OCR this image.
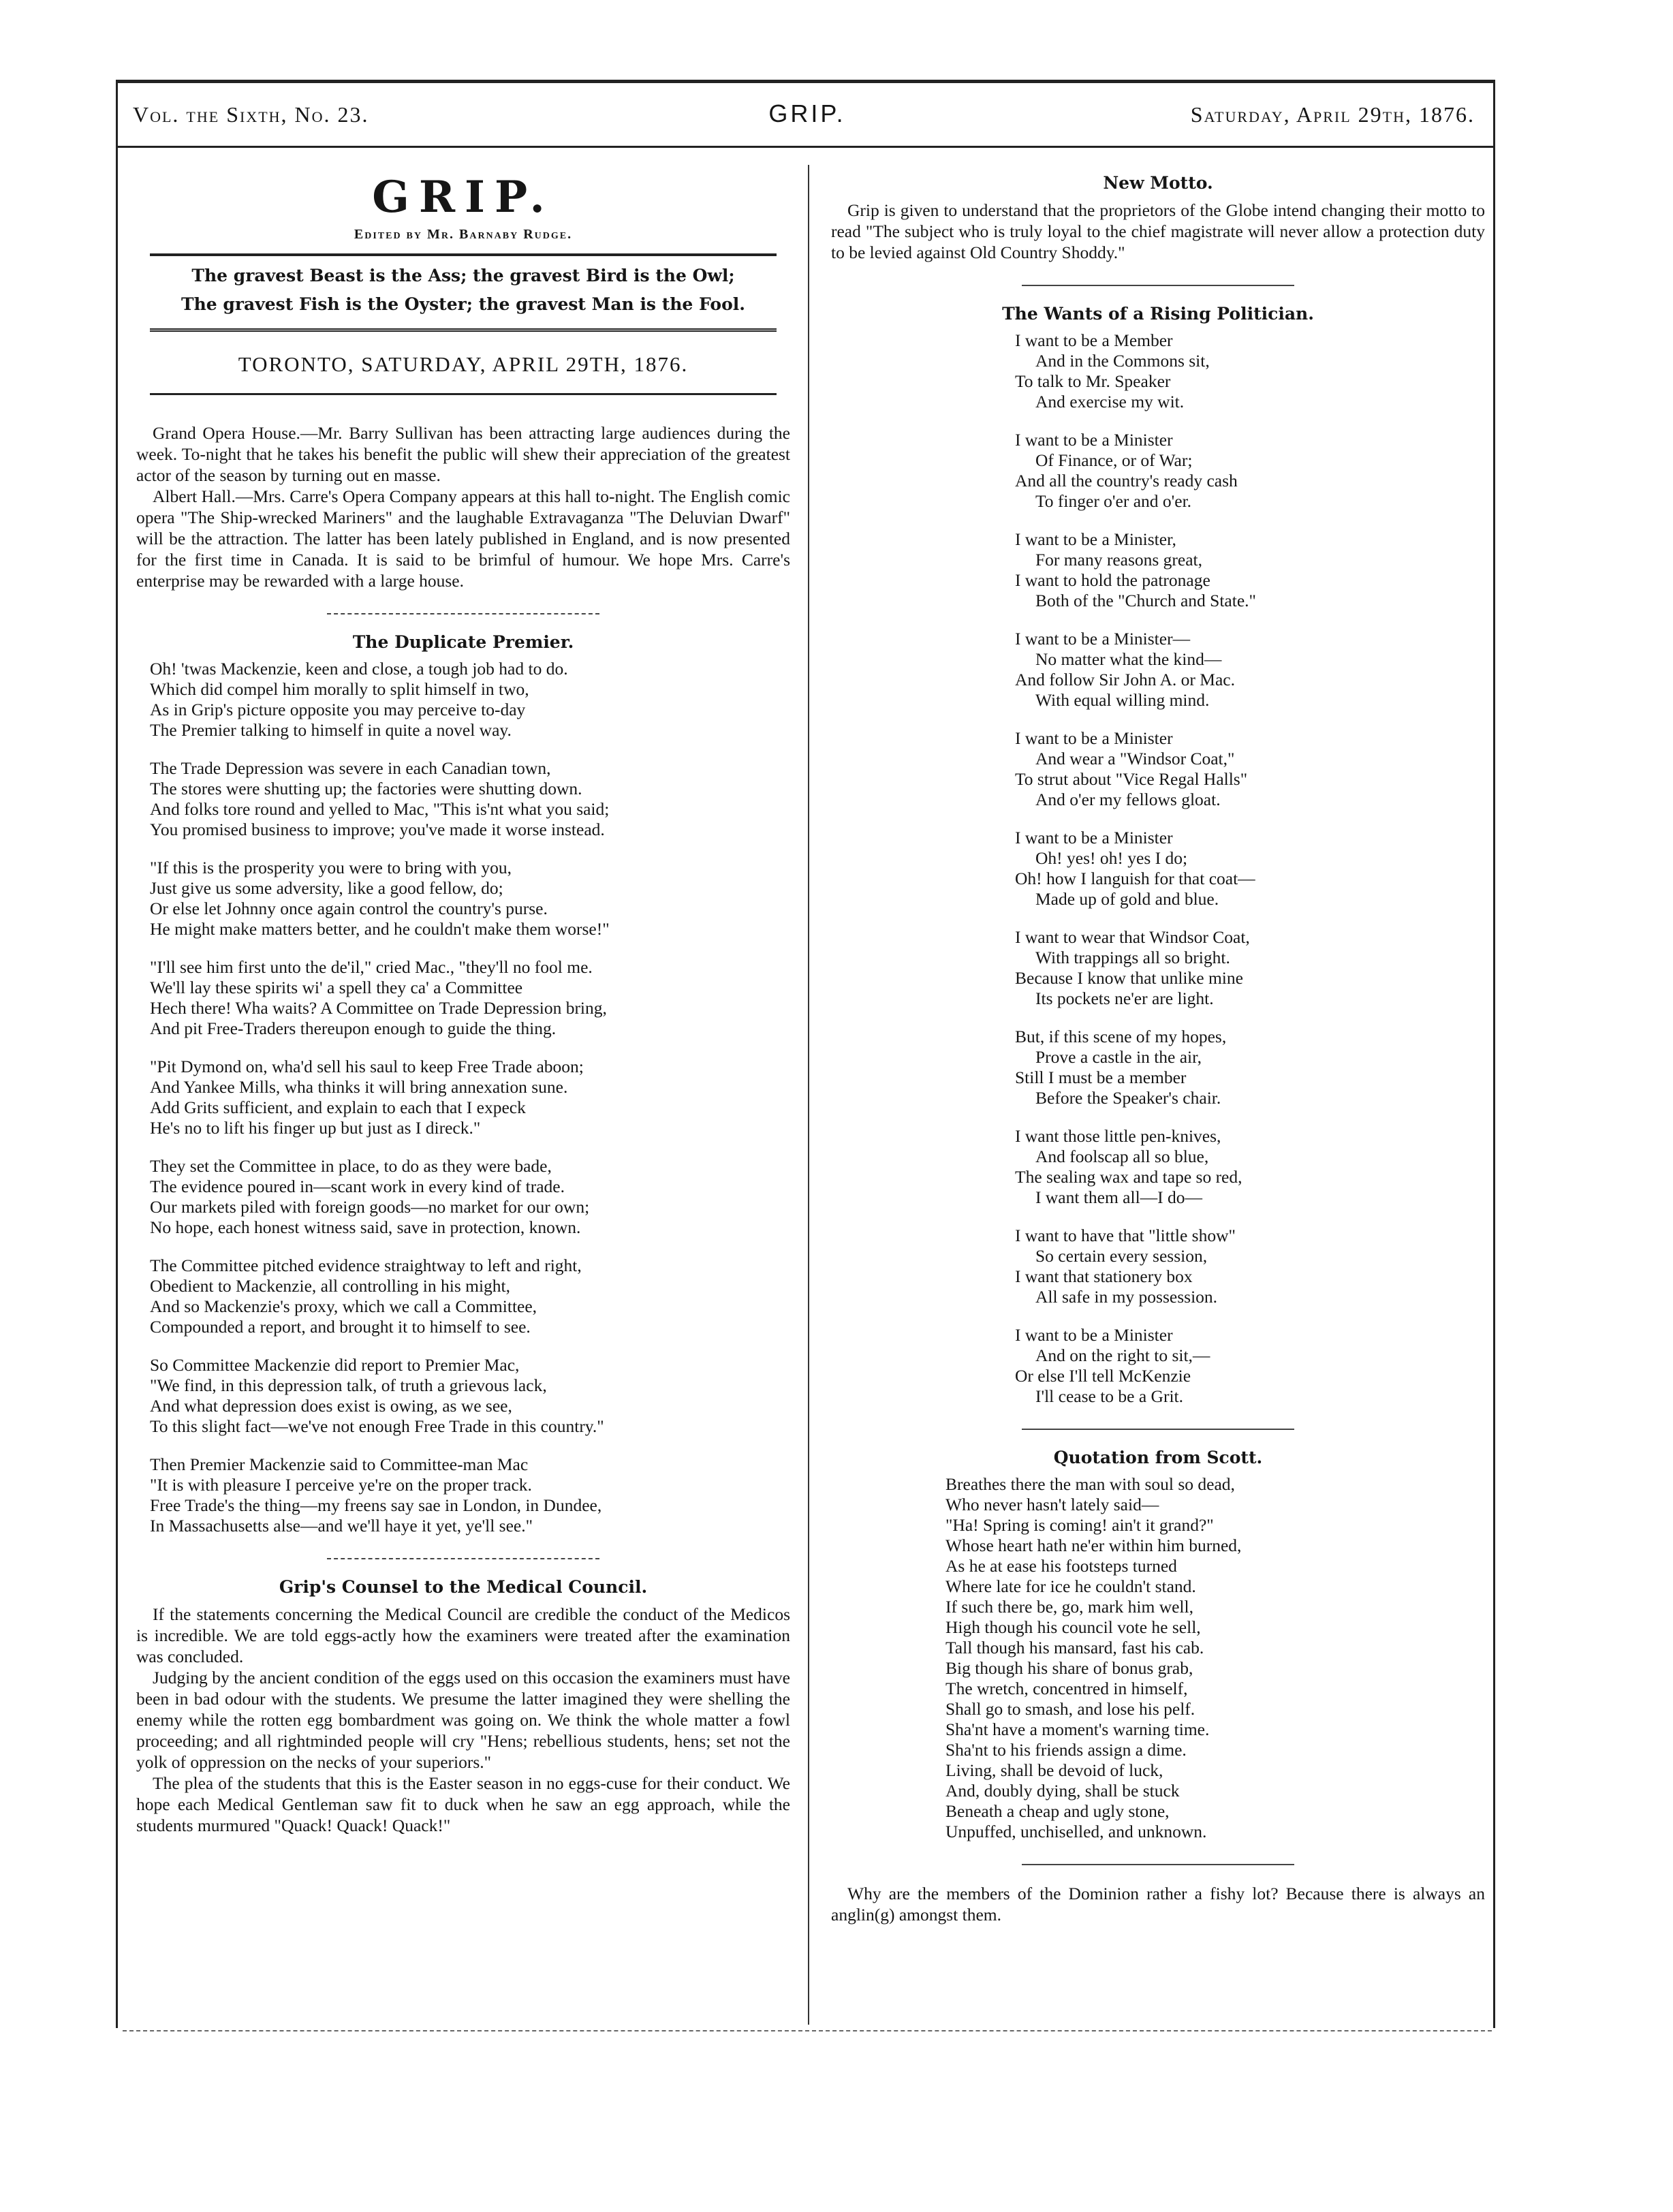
Vol. the Sixth, No. 23.	GRIP.	Saturday, April 29th, 1876.
GRIP.
Edited by Mr. Barnaby Rudge.
The gravest Beast is the Ass; the gravest Bird is the Owl;
The gravest Fish is the Oyster; the gravest Man is the Fool.
TORONTO, SATURDAY, APRIL 29TH, 1876.

Grand Opera House.—Mr. Barry Sullivan has been attracting large audiences during the week. To-night that he takes his benefit the public will shew their appreciation of the greatest actor of the season by turning out en masse.

Albert Hall.—Mrs. Carre's Opera Company appears at this hall to-night. The English comic opera "The Ship-wrecked Mariners" and the laughable Extravaganza "The Deluvian Dwarf" will be the attraction. The latter has been lately published in England, and is now presented for the first time in Canada. It is said to be brimful of humour. We hope Mrs. Carre's enterprise may be rewarded with a large house.

The Duplicate Premier.
Oh! 'twas Mackenzie, keen and close, a tough job had to do.
Which did compel him morally to split himself in two,
As in Grip's picture opposite you may perceive to-day
The Premier talking to himself in quite a novel way.
The Trade Depression was severe in each Canadian town,
The stores were shutting up; the factories were shutting down.
And folks tore round and yelled to Mac, "This is'nt what you said;
You promised business to improve; you've made it worse instead.
"If this is the prosperity you were to bring with you,
Just give us some adversity, like a good fellow, do;
Or else let Johnny once again control the country's purse.
He might make matters better, and he couldn't make them worse!"
"I'll see him first unto the de'il," cried Mac., "they'll no fool me.
We'll lay these spirits wi' a spell they ca' a Committee
Hech there! Wha waits? A Committee on Trade Depression bring,
And pit Free-Traders thereupon enough to guide the thing.
"Pit Dymond on, wha'd sell his saul to keep Free Trade aboon;
And Yankee Mills, wha thinks it will bring annexation sune.
Add Grits sufficient, and explain to each that I expeck
He's no to lift his finger up but just as I direck."
They set the Committee in place, to do as they were bade,
The evidence poured in—scant work in every kind of trade.
Our markets piled with foreign goods—no market for our own;
No hope, each honest witness said, save in protection, known.
The Committee pitched evidence straightway to left and right,
Obedient to Mackenzie, all controlling in his might,
And so Mackenzie's proxy, which we call a Committee,
Compounded a report, and brought it to himself to see.
So Committee Mackenzie did report to Premier Mac,
"We find, in this depression talk, of truth a grievous lack,
And what depression does exist is owing, as we see,
To this slight fact—we've not enough Free Trade in this country."
Then Premier Mackenzie said to Committee-man Mac
"It is with pleasure I perceive ye're on the proper track.
Free Trade's the thing—my freens say sae in London, in Dundee,
In Massachusetts alse—and we'll haye it yet, ye'll see."
Grip's Counsel to the Medical Council.

If the statements concerning the Medical Council are credible the conduct of the Medicos is incredible. We are told eggs-actly how the examiners were treated after the examination was concluded.

Judging by the ancient condition of the eggs used on this occasion the examiners must have been in bad odour with the students. We presume the latter imagined they were shelling the enemy while the rotten egg bombardment was going on. We think the whole matter a fowl proceeding; and all rightminded people will cry "Hens; rebellious students, hens; set not the yolk of oppression on the necks of your superiors."

The plea of the students that this is the Easter season in no eggs-cuse for their conduct. We hope each Medical Gentleman saw fit to duck when he saw an egg approach, while the students murmured "Quack! Quack! Quack!"

New Motto.

Grip is given to understand that the proprietors of the Globe intend changing their motto to read "The subject who is truly loyal to the chief magistrate will never allow a protection duty to be levied against Old Country Shoddy."

The Wants of a Rising Politician.
I want to be a Member
And in the Commons sit,
To talk to Mr. Speaker
And exercise my wit.
I want to be a Minister
Of Finance, or of War;
And all the country's ready cash
To finger o'er and o'er.
I want to be a Minister,
For many reasons great,
I want to hold the patronage
Both of the "Church and State."
I want to be a Minister—
No matter what the kind—
And follow Sir John A. or Mac.
With equal willing mind.
I want to be a Minister
And wear a "Windsor Coat,"
To strut about "Vice Regal Halls"
And o'er my fellows gloat.
I want to be a Minister
Oh! yes! oh! yes I do;
Oh! how I languish for that coat—
Made up of gold and blue.
I want to wear that Windsor Coat,
With trappings all so bright.
Because I know that unlike mine
Its pockets ne'er are light.
But, if this scene of my hopes,
Prove a castle in the air,
Still I must be a member
Before the Speaker's chair.
I want those little pen-knives,
And foolscap all so blue,
The sealing wax and tape so red,
I want them all—I do—
I want to have that "little show"
So certain every session,
I want that stationery box
All safe in my possession.
I want to be a Minister
And on the right to sit,—
Or else I'll tell McKenzie
I'll cease to be a Grit.
Quotation from Scott.
Breathes there the man with soul so dead,
Who never hasn't lately said—
"Ha! Spring is coming! ain't it grand?"
Whose heart hath ne'er within him burned,
As he at ease his footsteps turned
Where late for ice he couldn't stand.
If such there be, go, mark him well,
High though his council vote he sell,
Tall though his mansard, fast his cab.
Big though his share of bonus grab,
The wretch, concentred in himself,
Shall go to smash, and lose his pelf.
Sha'nt have a moment's warning time.
Sha'nt to his friends assign a dime.
Living, shall be devoid of luck,
And, doubly dying, shall be stuck
Beneath a cheap and ugly stone,
Unpuffed, unchiselled, and unknown.

Why are the members of the Dominion rather a fishy lot? Because there is always an anglin(g) amongst them.
